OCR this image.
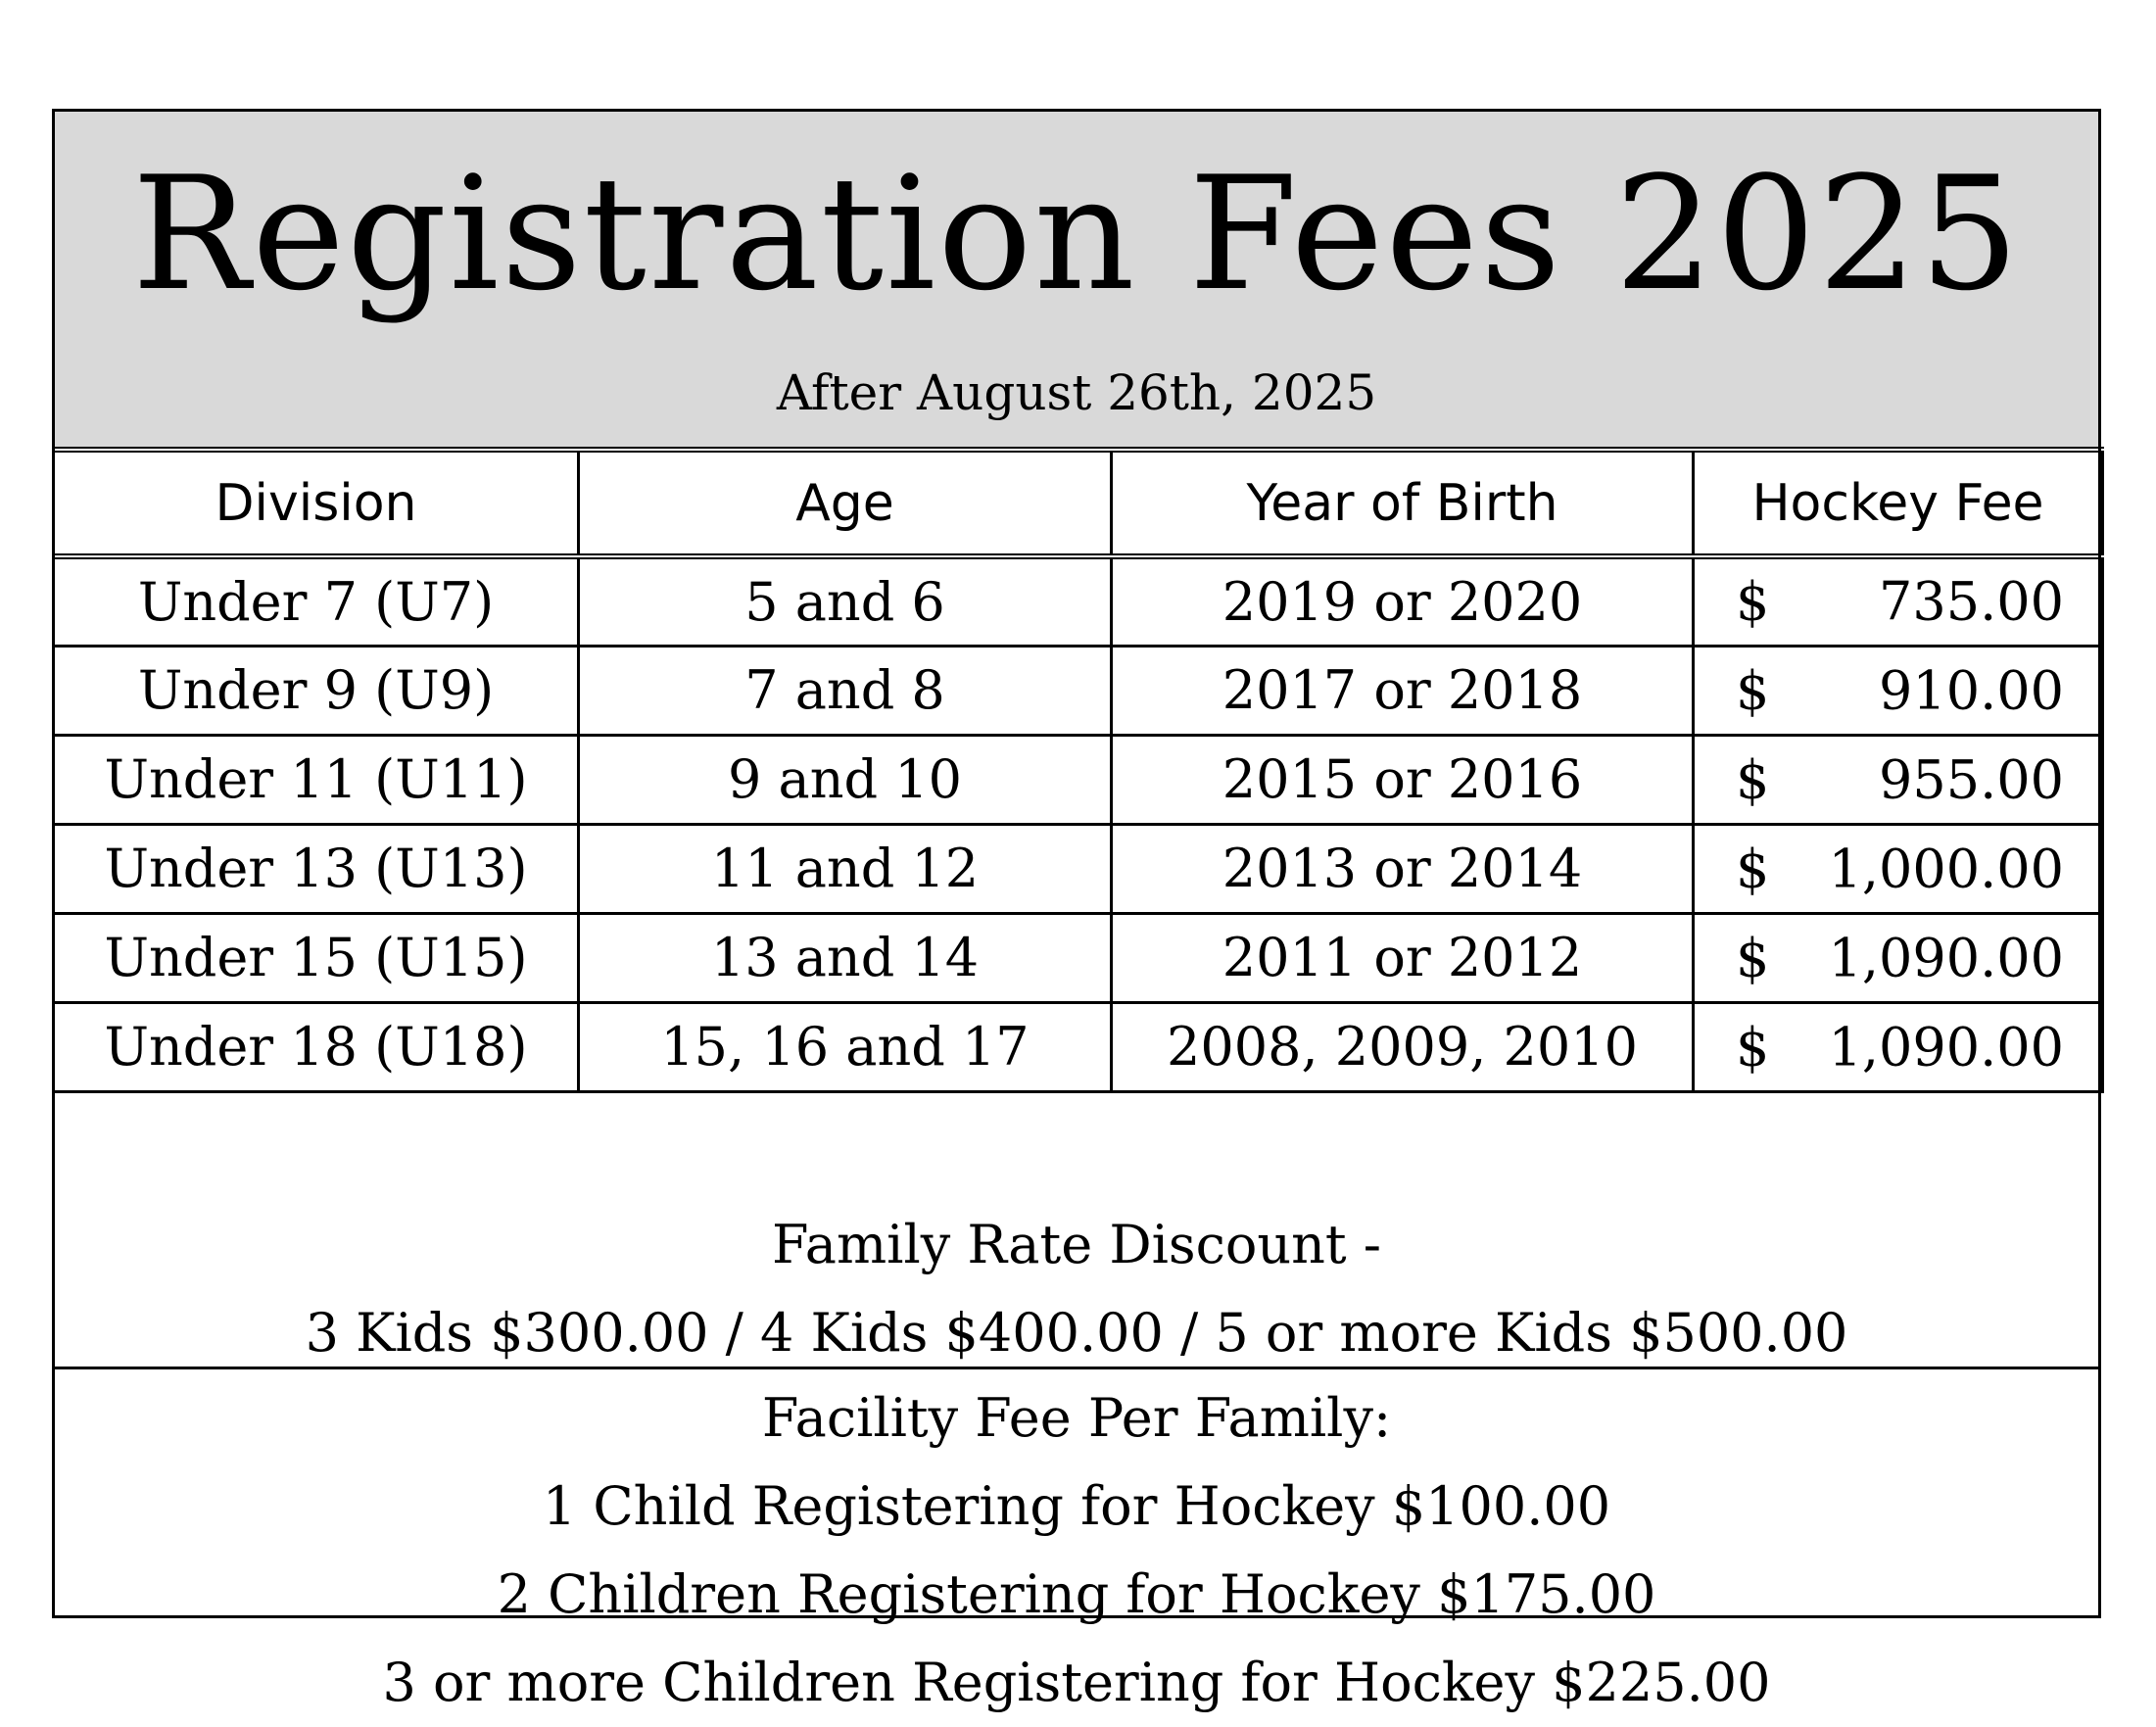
Registration Fees 2025
After August 26th, 2025
Division	Age	Year of Birth	Hockey Fee
Under 7 (U7)	5 and 6	2019 or 2020	$ 735.00

Under 9 (U9)	7 and 8	2017 or 2018	$ 910.00

Under 11 (U11)	9 and 10	2015 or 2016	$ 955.00

Under 13 (U13)	11 and 12	2013 or 2014	$ 1,000.00

Under 15 (U15)	13 and 14	2011 or 2012	$ 1,090.00

Under 18 (U18)	15, 16 and 17	2008, 2009, 2010	$ 1,090.00
Family Rate Discount -
3 Kids $300.00 / 4 Kids $400.00 / 5 or more Kids $500.00
Facility Fee Per Family:
1 Child Registering for Hockey $100.00
2 Children Registering for Hockey $175.00
3 or more Children Registering for Hockey $225.00
